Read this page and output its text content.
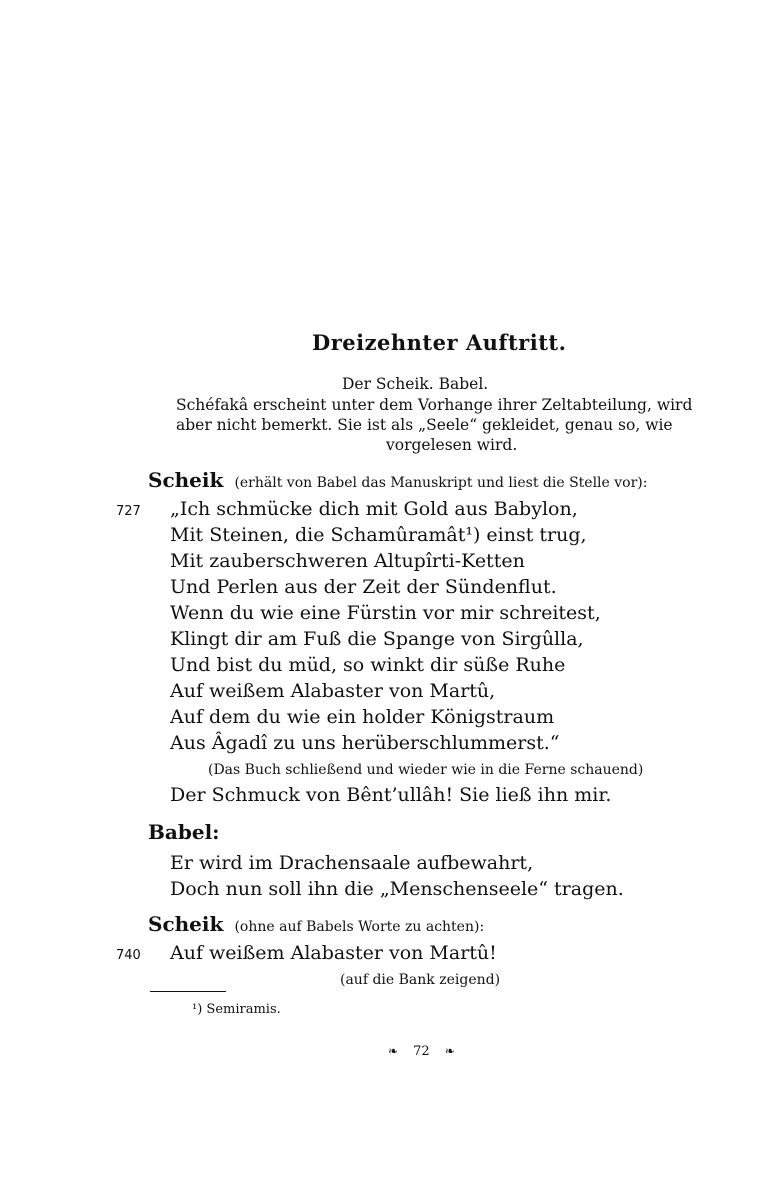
Dreizehnter Auftritt.
Der Scheik. Babel.
Schéfakâ erscheint unter dem Vorhange ihrer Zeltabteilung, wird
aber nicht bemerkt. Sie ist als „Seele“ gekleidet, genau so, wie
vorgelesen wird.
Scheik (erhält von Babel das Manuskript und liest die Stelle vor):
727 „Ich schmücke dich mit Gold aus Babylon,
Mit Steinen, die Schamûramât¹) einst trug,
Mit zauberschweren Altupîrti-Ketten
Und Perlen aus der Zeit der Sündenflut.
Wenn du wie eine Fürstin vor mir schreitest,
Klingt dir am Fuß die Spange von Sirgûlla,
Und bist du müd, so winkt dir süße Ruhe
Auf weißem Alabaster von Martû,
Auf dem du wie ein holder Königstraum
Aus Âgadî zu uns herüberschlummerst.“
(Das Buch schließend und wieder wie in die Ferne schauend)
Der Schmuck von Bênt’ullâh! Sie ließ ihn mir.
Babel:
Er wird im Drachensaale aufbewahrt,
Doch nun soll ihn die „Menschenseele“ tragen.
Scheik (ohne auf Babels Worte zu achten):
740 Auf weißem Alabaster von Martû!
(auf die Bank zeigend)
¹) Semiramis.
❧ 72 ❧
